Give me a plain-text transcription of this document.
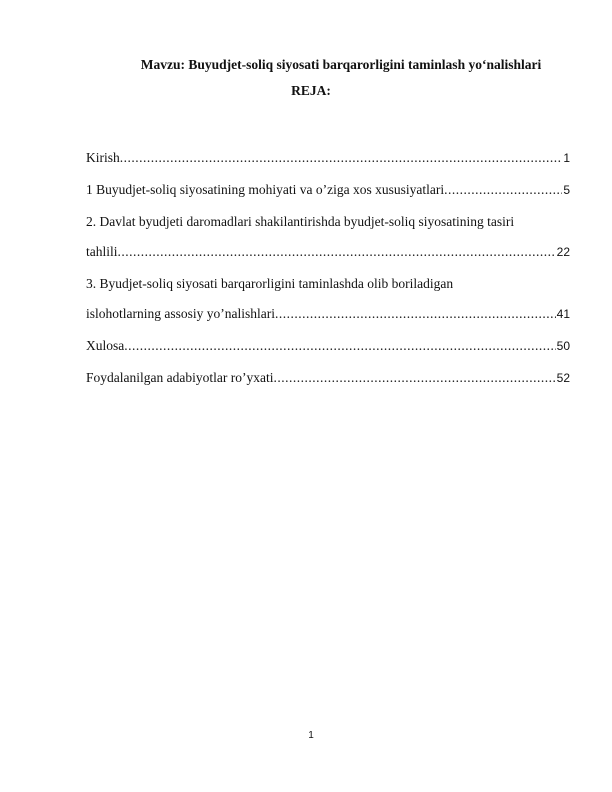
Mavzu: Buyudjet-soliq siyosati barqarorligini taminlash yo‘nalishlari
REJA:
Kirish .....	1
1 Buyudjet-soliq siyosatining mohiyati va o’ziga xos xususiyatlari .....	5
2. Davlat byudjeti daromadlari shakilantirishda byudjet-soliq siyosatining tasiri
tahlili .....	22
3. Byudjet-soliq siyosati barqarorligini taminlashda olib boriladigan
islohotlarning assosiy yo’nalishlari .....	41
Xulosa .....	50
Foydalanilgan adabiyotlar ro’yxati .....	52
1
